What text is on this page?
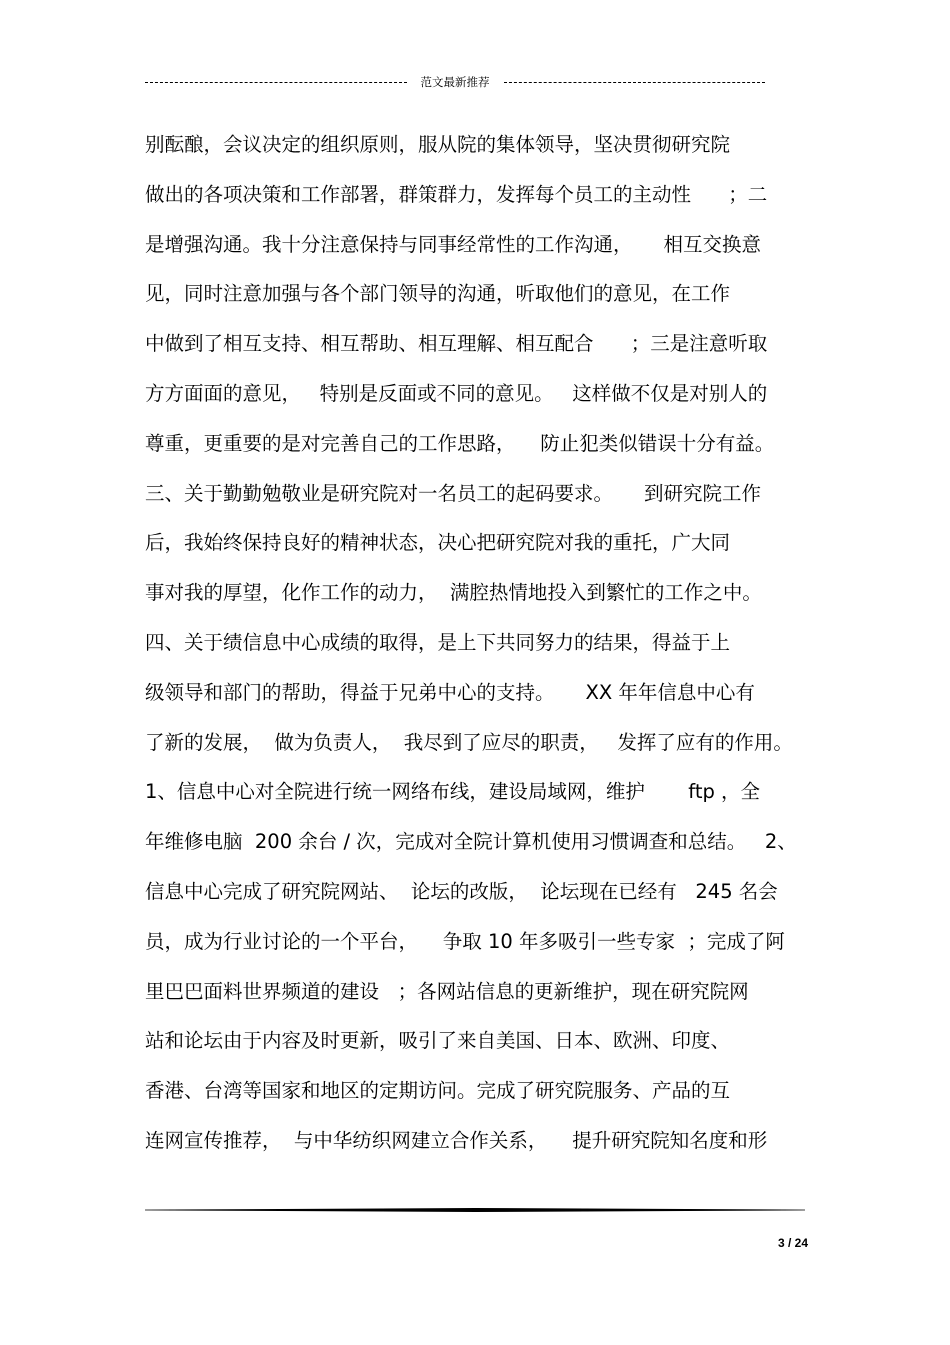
范文最新推荐
别酝酿，会议决定的组织原则，服从院的集体领导，坚决贯彻研究院
做出的各项决策和工作部署，群策群力，发挥每个员工的主动性      ；二
是增强沟通。我十分注意保持与同事经常性的工作沟通，     相互交换意
见，同时注意加强与各个部门领导的沟通，听取他们的意见，在工作
中做到了相互支持、相互帮助、相互理解、相互配合      ；三是注意听取
方方面面的意见，   特别是反面或不同的意见。   这样做不仅是对别人的
尊重，更重要的是对完善自己的工作思路，    防止犯类似错误十分有益。
三、关于勤勤勉敬业是研究院对一名员工的起码要求。     到研究院工作
后，我始终保持良好的精神状态，决心把研究院对我的重托，广大同
事对我的厚望，化作工作的动力，  满腔热情地投入到繁忙的工作之中。
四、关于绩信息中心成绩的取得，是上下共同努力的结果，得益于上
级领导和部门的帮助，得益于兄弟中心的支持。     XX 年年信息中心有
了新的发展，  做为负责人，  我尽到了应尽的职责，   发挥了应有的作用。
1、信息中心对全院进行统一网络布线，建设局域网，维护       ftp ，全
年维修电脑  200 余台 / 次，完成对全院计算机使用习惯调查和总结。   2、
信息中心完成了研究院网站、  论坛的改版，  论坛现在已经有   245 名会
员，成为行业讨论的一个平台，    争取 10 年多吸引一些专家  ；完成了阿
里巴巴面料世界频道的建设   ；各网站信息的更新维护，现在研究院网
站和论坛由于内容及时更新，吸引了来自美国、日本、欧洲、印度、
香港、台湾等国家和地区的定期访问。完成了研究院服务、产品的互
连网宣传推荐，  与中华纺织网建立合作关系，    提升研究院知名度和形
3 / 24
